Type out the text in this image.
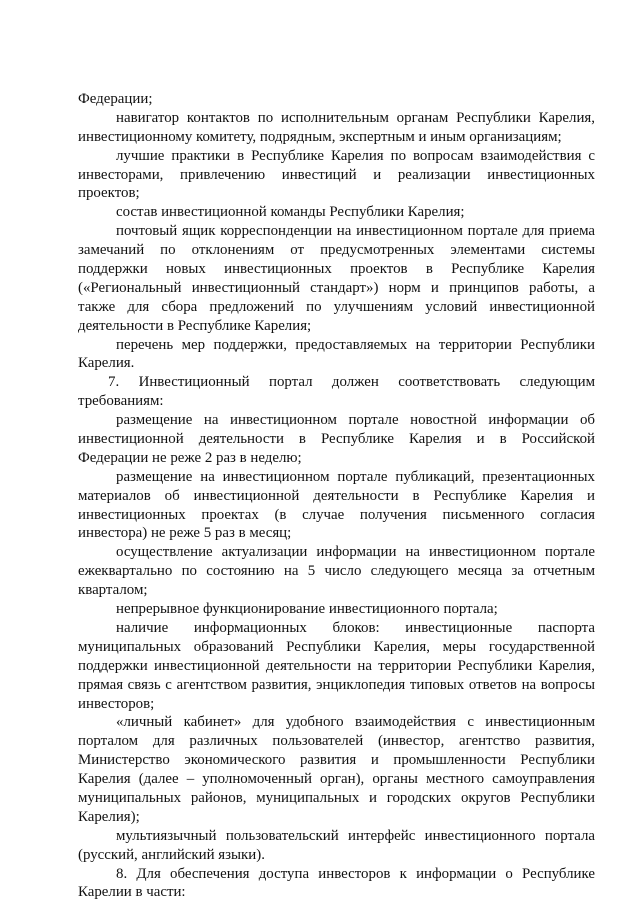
Федерации;
навигатор контактов по исполнительным органам Республики Карелия,
инвестиционному комитету, подрядным, экспертным и иным организациям;
лучшие практики в Республике Карелия по вопросам взаимодействия с
инвесторами, привлечению инвестиций и реализации инвестиционных
проектов;
состав инвестиционной команды Республики Карелия;
почтовый ящик корреспонденции на инвестиционном портале для приема
замечаний по отклонениям от предусмотренных элементами системы
поддержки новых инвестиционных проектов в Республике Карелия
(«Региональный инвестиционный стандарт») норм и принципов работы, а
также для сбора предложений по улучшениям условий инвестиционной
деятельности в Республике Карелия;
перечень мер поддержки, предоставляемых на территории Республики
Карелия.
7. Инвестиционный портал должен соответствовать следующим
требованиям:
размещение на инвестиционном портале новостной информации об
инвестиционной деятельности в Республике Карелия и в Российской
Федерации не реже 2 раз в неделю;
размещение на инвестиционном портале публикаций, презентационных
материалов об инвестиционной деятельности в Республике Карелия и
инвестиционных проектах (в случае получения письменного согласия
инвестора) не реже 5 раз в месяц;
осуществление актуализации информации на инвестиционном портале
ежеквартально по состоянию на 5 число следующего месяца за отчетным
кварталом;
непрерывное функционирование инвестиционного портала;
наличие информационных блоков: инвестиционные паспорта
муниципальных образований Республики Карелия, меры государственной
поддержки инвестиционной деятельности на территории Республики Карелия,
прямая связь с агентством развития, энциклопедия типовых ответов на вопросы
инвесторов;
«личный кабинет» для удобного взаимодействия с инвестиционным
порталом для различных пользователей (инвестор, агентство развития,
Министерство экономического развития и промышленности Республики
Карелия (далее – уполномоченный орган), органы местного самоуправления
муниципальных районов, муниципальных и городских округов Республики
Карелия);
мультиязычный пользовательский интерфейс инвестиционного портала
(русский, английский языки).
8. Для обеспечения доступа инвесторов к информации о Республике
Карелии в части:
